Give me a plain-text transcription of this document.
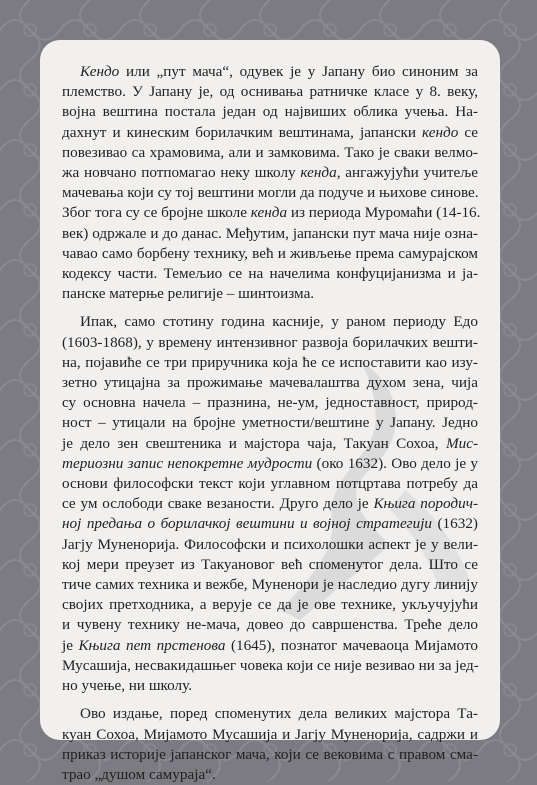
Кендо или „пут мача“, одувек је у Јапану био синоним за
племство. У Јапану је, од оснивања ратничке класе у 8. веку,
војна вештина постала један од највиших облика учења. На-
дахнут и кинеским борилачким вештинама, јапански кендо се
повезивао са храмовима, али и замковима. Тако је сваки велмо-
жа новчано потпомагао неку школу кенда, ангажујући учитеље
мачевања који су тој вештини могли да подуче и њихове синове.
Због тога су се бројне школе кенда из периода Муромаћи (14-16.
век) одржале и до данас. Међутим, јапански пут мача није озна-
чавао само борбену технику, већ и живљење према самурајском
кодексу части. Темељио се на начелима конфуцијанизма и ја-
панске матерње религије – шинтоизма.

Ипак, само стотину година касније, у раном периоду Едо
(1603-1868), у времену интензивног развоја борилачких вешти-
на, појавиће се три приручника која ће се испоставити као изу-
зетно утицајна за прожимање мачевалаштва духом зена, чија
су основна начела – празнина, не-ум, једноставност, природ-
ност – утицали на бројне уметности/вештине у Јапану. Једно
је дело зен свештеника и мајстора чаја, Такуан Сохоа, Мис-
териозни запис непокретне мудрости (око 1632). Ово дело је у
основи философски текст који углавном потцртава потребу да
се ум ослободи сваке везаности. Друго дело је Књига породич-
ној предања о борилачкој вештини и војној стратегији (1632)
Јагју Муненорија. Философски и психолошки аспект је у вели-
кој мери преузет из Такуановог већ споменутог дела. Што се
тиче самих техника и вежбе, Муненори је наследио дугу линију
својих претходника, а верује се да је ове технике, укључујући
и чувену технику не-мача, довео до савршенства. Треће дело
је Књига пет прстенова (1645), познатог мачеваоца Мијамото
Мусашија, несвакидашњег човека који се није везивао ни за јед-
но учење, ни школу.

Ово издање, поред споменутих дела великих мајстора Та-
куан Сохоа, Мијамото Мусашија и Јагју Муненорија, садржи и
приказ историје јапанског мача, који се вековима с правом сма-
трао „душом самураја“.
